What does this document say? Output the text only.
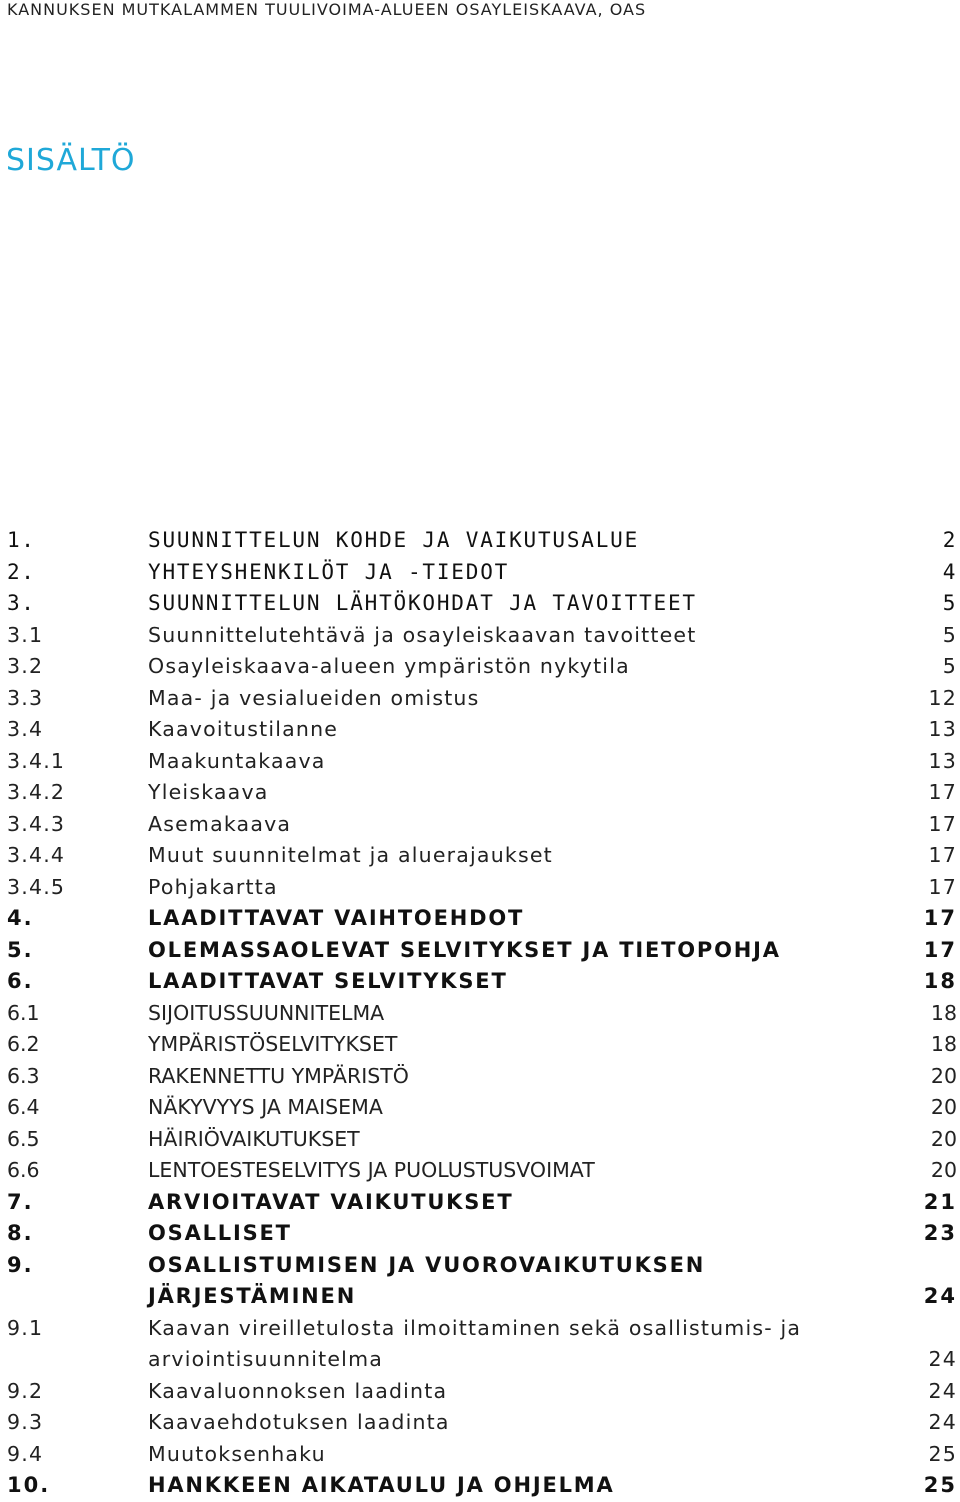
KANNUKSEN MUTKALAMMEN TUULIVOIMA-ALUEEN OSAYLEISKAAVA, OAS
SISÄLTÖ
1.	SUUNNITTELUN KOHDE JA VAIKUTUSALUE	2
2.	YHTEYSHENKILÖT JA -TIEDOT	4
3.	SUUNNITTELUN LÄHTÖKOHDAT JA TAVOITTEET	5
3.1	Suunnittelutehtävä ja osayleiskaavan tavoitteet	5
3.2	Osayleiskaava-alueen ympäristön nykytila	5
3.3	Maa- ja vesialueiden omistus	12
3.4	Kaavoitustilanne	13
3.4.1	Maakuntakaava	13
3.4.2	Yleiskaava	17
3.4.3	Asemakaava	17
3.4.4	Muut suunnitelmat ja aluerajaukset	17
3.4.5	Pohjakartta	17
4.	LAADITTAVAT VAIHTOEHDOT	17
5.	OLEMASSAOLEVAT SELVITYKSET JA TIETOPOHJA	17
6.	LAADITTAVAT SELVITYKSET	18
6.1	SIJOITUSSUUNNITELMA	18
6.2	YMPÄRISTÖSELVITYKSET	18
6.3	RAKENNETTU YMPÄRISTÖ	20
6.4	NÄKYVYYS JA MAISEMA	20
6.5	HÄIRIÖVAIKUTUKSET	20
6.6	LENTOESTESELVITYS JA PUOLUSTUSVOIMAT	20
7.	ARVIOITAVAT VAIKUTUKSET	21
8.	OSALLISET	23
9.	OSALLISTUMISEN JA VUOROVAIKUTUKSEN JÄRJESTÄMINEN	24
9.1	Kaavan vireilletulosta ilmoittaminen sekä osallistumis- ja arviointisuunnitelma	24
9.2	Kaavaluonnoksen laadinta	24
9.3	Kaavaehdotuksen laadinta	24
9.4	Muutoksenhaku	25
10.	HANKKEEN AIKATAULU JA OHJELMA	25
